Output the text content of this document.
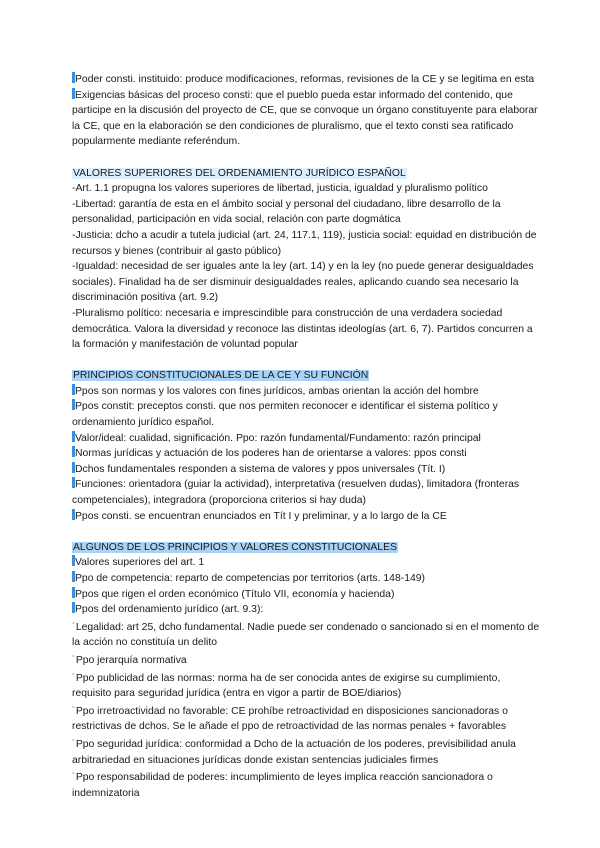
Poder consti. instituido: produce modificaciones, reformas, revisiones de la CE y se legitima en esta

Exigencias básicas del proceso consti: que el pueblo pueda estar informado del contenido, que participe en la discusión del proyecto de CE, que se convoque un órgano constituyente para elaborar la CE, que en la elaboración se den condiciones de pluralismo, que el texto consti sea ratificado popularmente mediante referéndum.

VALORES SUPERIORES DEL ORDENAMIENTO JURÍDICO ESPAÑOL

-Art. 1.1 propugna los valores superiores de libertad, justicia, igualdad y pluralismo político

-Libertad: garantía de esta en el ámbito social y personal del ciudadano, libre desarrollo de la personalidad, participación en vida social, relación con parte dogmática

-Justicia: dcho a acudir a tutela judicial (art. 24, 117.1, 119), justicia social: equidad en distribución de recursos y bienes (contribuir al gasto público)

-Igualdad: necesidad de ser iguales ante la ley (art. 14) y en la ley (no puede generar desigualdades sociales). Finalidad ha de ser disminuir desigualdades reales, aplicando cuando sea necesario la discriminación positiva (art. 9.2)

-Pluralismo político: necesaria e imprescindible para construcción de una verdadera sociedad democrática. Valora la diversidad y reconoce las distintas ideologías (art. 6, 7). Partidos concurren a la formación y manifestación de voluntad popular

PRINCIPIOS CONSTITUCIONALES DE LA CE Y SU FUNCIÓN

Ppos son normas y los valores con fines jurídicos, ambas orientan la acción del hombre

Ppos constit: preceptos consti. que nos permiten reconocer e identificar el sistema político y ordenamiento jurídico español.

Valor/ideal: cualidad, significación. Ppo: razón fundamental/Fundamento: razón principal

Normas jurídicas y actuación de los poderes han de orientarse a valores: ppos consti

Dchos fundamentales responden a sistema de valores y ppos universales (Tít. I)

Funciones: orientadora (guiar la actividad), interpretativa (resuelven dudas), limitadora (fronteras competenciales), integradora (proporciona criterios si hay duda)

Ppos consti. se encuentran enunciados en Tít I y preliminar, y a lo largo de la CE

ALGUNOS DE LOS PRINCIPIOS Y VALORES CONSTITUCIONALES

Valores superiores del art. 1

Ppo de competencia: reparto de competencias por territorios (arts. 148-149)

Ppos que rigen el orden económico (Título VII, economía y hacienda)

Ppos del ordenamiento jurídico (art. 9.3):

°Legalidad: art 25, dcho fundamental. Nadie puede ser condenado o sancionado si en el momento de la acción no constituía un delito

°Ppo jerarquía normativa

°Ppo publicidad de las normas: norma ha de ser conocida antes de exigirse su cumplimiento, requisito para seguridad jurídica (entra en vigor a partir de BOE/diarios)

°Ppo irretroactividad no favorable: CE prohíbe retroactividad en disposiciones sancionadoras o restrictivas de dchos. Se le añade el ppo de retroactividad de las normas penales + favorables

°Ppo seguridad jurídica: conformidad a Dcho de la actuación de los poderes, previsibilidad anula arbitrariedad en situaciones jurídicas donde existan sentencias judiciales firmes

°Ppo responsabilidad de poderes: incumplimiento de leyes implica reacción sancionadora o indemnizatoria
